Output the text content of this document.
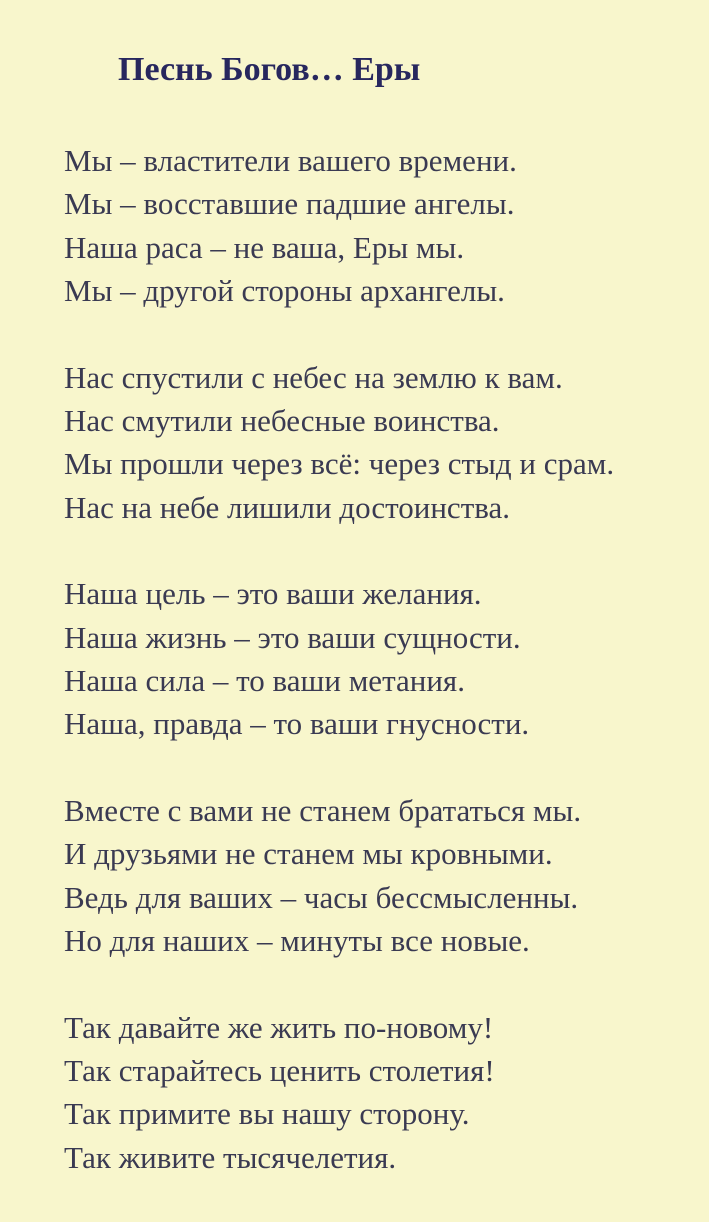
Песнь Богов… Еры
Мы – властители вашего времени.
Мы – восставшие падшие ангелы.
Наша раса – не ваша, Еры мы.
Мы – другой стороны архангелы.
Нас спустили с небес на землю к вам.
Нас смутили небесные воинства.
Мы прошли через всё: через стыд и срам.
Нас на небе лишили достоинства.
Наша цель – это ваши желания.
Наша жизнь – это ваши сущности.
Наша сила – то ваши метания.
Наша, правда – то ваши гнусности.
Вместе с вами не станем брататься мы.
И друзьями не станем мы кровными.
Ведь для ваших – часы бессмысленны.
Но для наших – минуты все новые.
Так давайте же жить по-новому!
Так старайтесь ценить столетия!
Так примите вы нашу сторону.
Так живите тысячелетия.
